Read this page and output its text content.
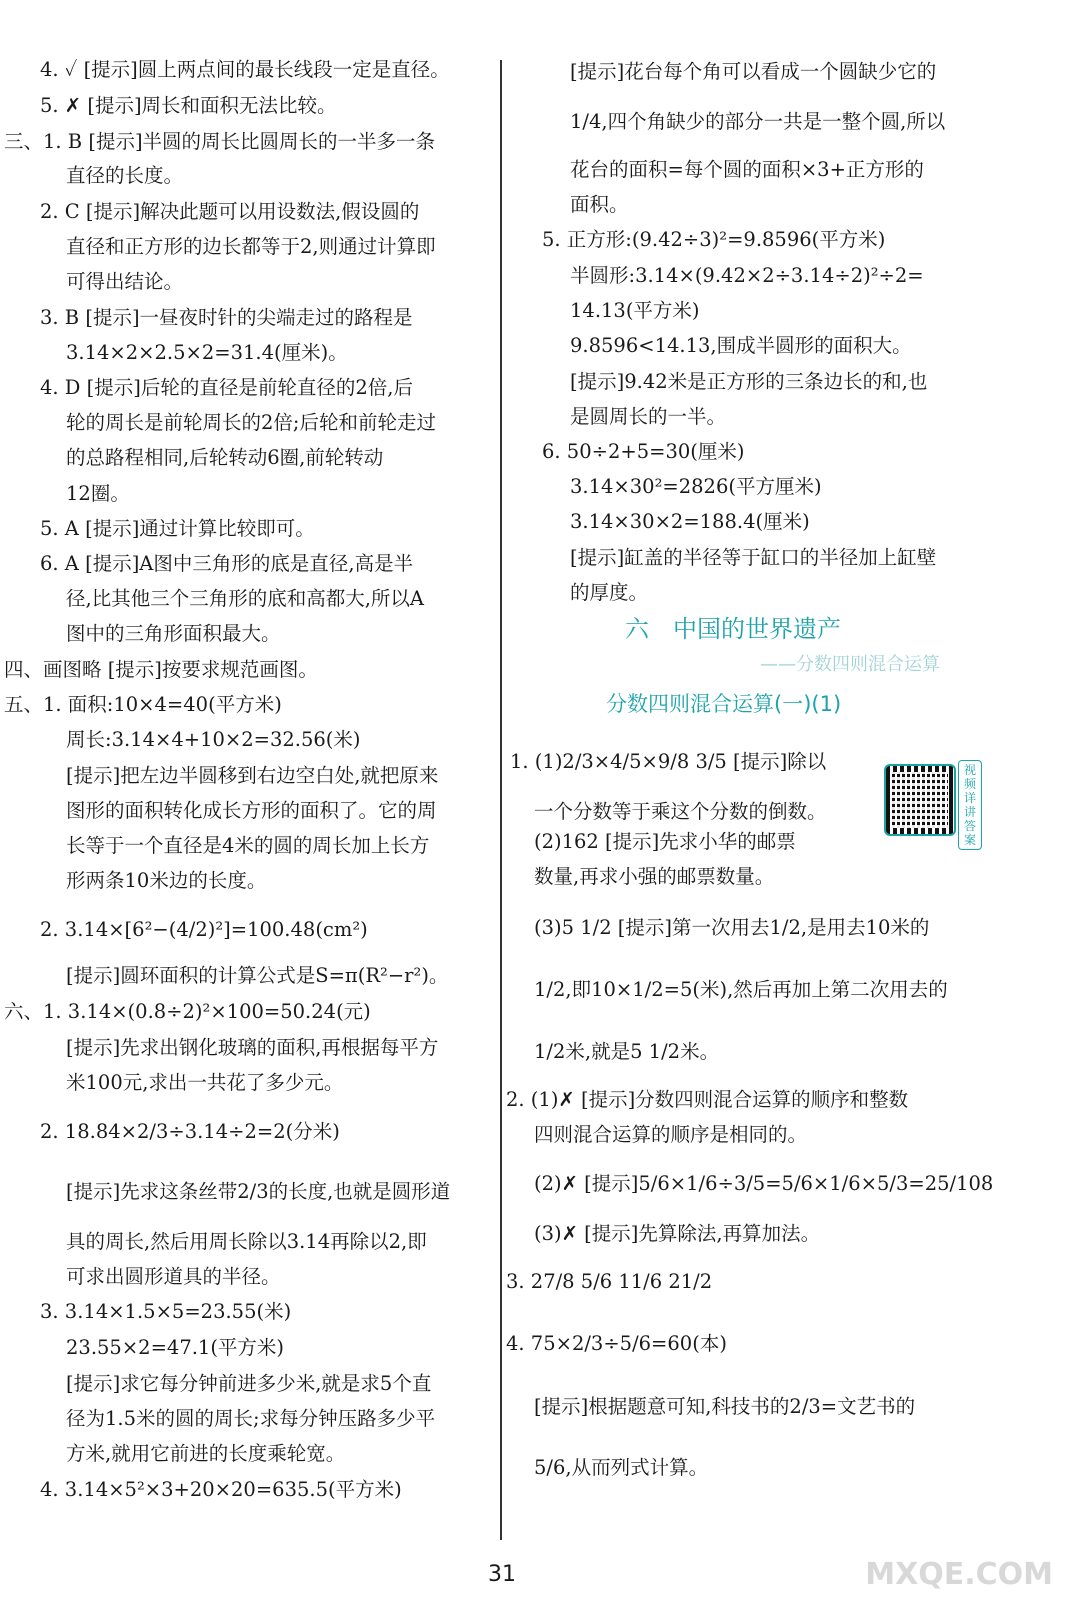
4. ✓ [提示]圆上两点间的最长线段一定是直径。
5. ✗ [提示]周长和面积无法比较。
三、1. B [提示]半圆的周长比圆周长的一半多一条
直径的长度。
2. C [提示]解决此题可以用设数法,假设圆的
直径和正方形的边长都等于2,则通过计算即
可得出结论。
3. B [提示]一昼夜时针的尖端走过的路程是
3.14×2×2.5×2=31.4(厘米)。
4. D [提示]后轮的直径是前轮直径的2倍,后
轮的周长是前轮周长的2倍;后轮和前轮走过
的总路程相同,后轮转动6圈,前轮转动
12圈。
5. A [提示]通过计算比较即可。
6. A [提示]A图中三角形的底是直径,高是半
径,比其他三个三角形的底和高都大,所以A
图中的三角形面积最大。
四、画图略 [提示]按要求规范画图。
五、1. 面积:10×4=40(平方米)
周长:3.14×4+10×2=32.56(米)
[提示]把左边半圆移到右边空白处,就把原来
图形的面积转化成长方形的面积了。它的周
长等于一个直径是4米的圆的周长加上长方
形两条10米边的长度。
2. 3.14×[6²−(4/2)²]=100.48(cm²)
[提示]圆环面积的计算公式是S=π(R²−r²)。
六、1. 3.14×(0.8÷2)²×100=50.24(元)
[提示]先求出钢化玻璃的面积,再根据每平方
米100元,求出一共花了多少元。
2. 18.84×2/3÷3.14÷2=2(分米)
[提示]先求这条丝带2/3的长度,也就是圆形道
具的周长,然后用周长除以3.14再除以2,即
可求出圆形道具的半径。
3. 3.14×1.5×5=23.55(米)
23.55×2=47.1(平方米)
[提示]求它每分钟前进多少米,就是求5个直
径为1.5米的圆的周长;求每分钟压路多少平
方米,就用它前进的长度乘轮宽。
4. 3.14×5²×3+20×20=635.5(平方米)
[提示]花台每个角可以看成一个圆缺少它的
1/4,四个角缺少的部分一共是一整个圆,所以
花台的面积=每个圆的面积×3+正方形的
面积。
5. 正方形:(9.42÷3)²=9.8596(平方米)
半圆形:3.14×(9.42×2÷3.14÷2)²÷2=
14.13(平方米)
9.8596<14.13,围成半圆形的面积大。
[提示]9.42米是正方形的三条边长的和,也
是圆周长的一半。
6. 50÷2+5=30(厘米)
3.14×30²=2826(平方厘米)
3.14×30×2=188.4(厘米)
[提示]缸盖的半径等于缸口的半径加上缸壁
的厚度。
六　中国的世界遗产
——分数四则混合运算
分数四则混合运算(一)(1)
视频详讲答案
1. (1)2/3×4/5×9/8 3/5 [提示]除以
一个分数等于乘这个分数的倒数。
(2)162 [提示]先求小华的邮票
数量,再求小强的邮票数量。
(3)5 1/2 [提示]第一次用去1/2,是用去10米的
1/2,即10×1/2=5(米),然后再加上第二次用去的
1/2米,就是5 1/2米。
2. (1)✗ [提示]分数四则混合运算的顺序和整数
四则混合运算的顺序是相同的。
(2)✗ [提示]5/6×1/6÷3/5=5/6×1/6×5/3=25/108
(3)✗ [提示]先算除法,再算加法。
3. 27/8 5/6 11/6 21/2
4. 75×2/3÷5/6=60(本)
[提示]根据题意可知,科技书的2/3=文艺书的
5/6,从而列式计算。
31	MXQE.COM
